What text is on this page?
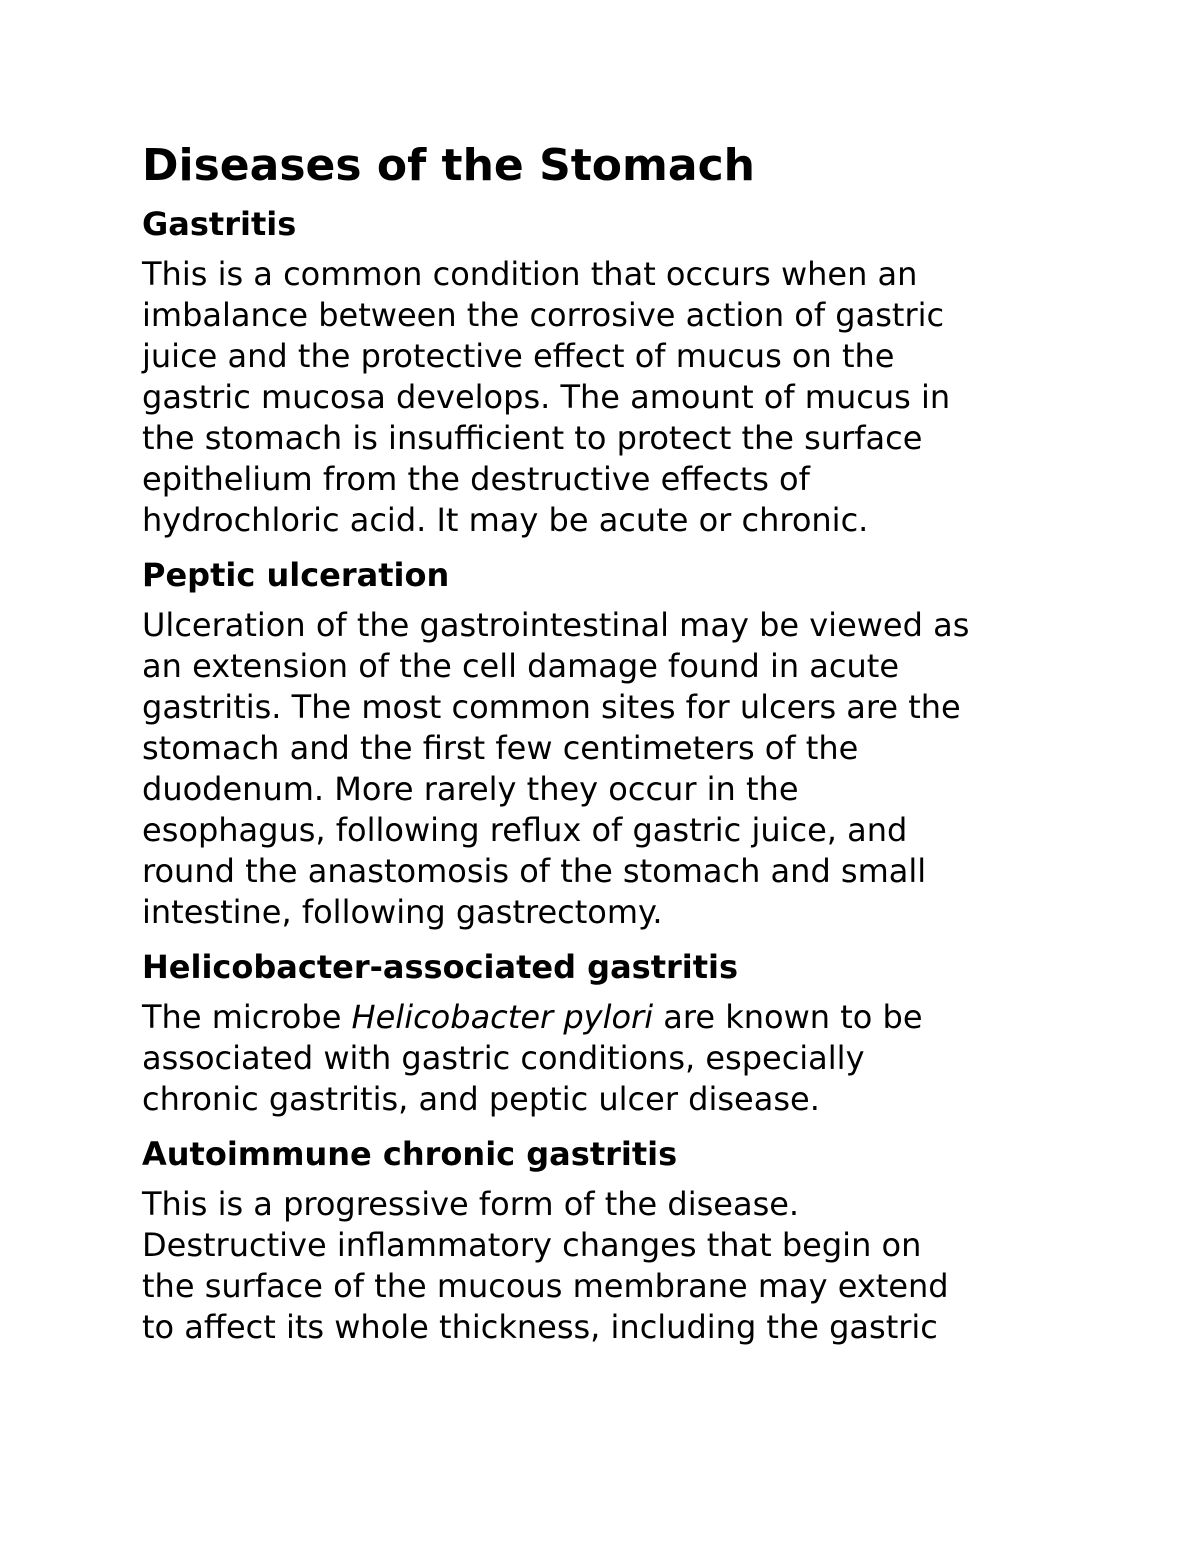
Diseases of the Stomach
Gastritis
This is a common condition that occurs when an
imbalance between the corrosive action of gastric
juice and the protective effect of mucus on the
gastric mucosa develops. The amount of mucus in
the stomach is insufficient to protect the surface
epithelium from the destructive effects of
hydrochloric acid. It may be acute or chronic.
Peptic ulceration
Ulceration of the gastrointestinal may be viewed as
an extension of the cell damage found in acute
gastritis. The most common sites for ulcers are the
stomach and the first few centimeters of the
duodenum. More rarely they occur in the
esophagus, following reflux of gastric juice, and
round the anastomosis of the stomach and small
intestine, following gastrectomy.
Helicobacter-associated gastritis
The microbe Helicobacter pylori are known to be
associated with gastric conditions, especially
chronic gastritis, and peptic ulcer disease.
Autoimmune chronic gastritis
This is a progressive form of the disease.
Destructive inflammatory changes that begin on
the surface of the mucous membrane may extend
to affect its whole thickness, including the gastric
